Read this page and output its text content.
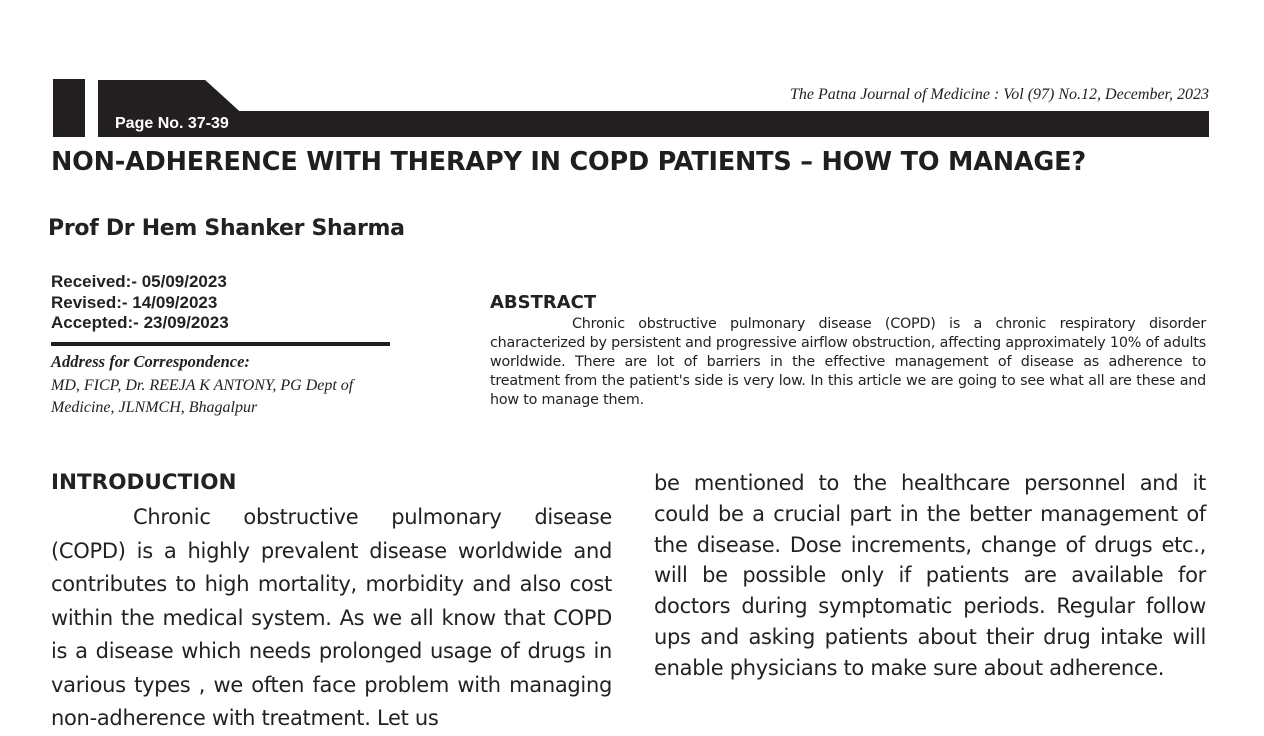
Page No. 37-39
The Patna Journal of Medicine : Vol (97) No.12, December, 2023
NON-ADHERENCE WITH THERAPY IN COPD PATIENTS – HOW TO MANAGE?
Prof Dr Hem Shanker Sharma
Received:- 05/09/2023
Revised:- 14/09/2023
Accepted:- 23/09/2023
Address for Correspondence:
MD, FICP, Dr. REEJA K ANTONY, PG Dept of Medicine, JLNMCH, Bhagalpur
ABSTRACT
Chronic obstructive pulmonary disease (COPD) is a chronic respiratory disorder characterized by persistent and progressive airflow obstruction, affecting approximately 10% of adults worldwide. There are lot of barriers in the effective management of disease as adherence to treatment from the patient's side is very low. In this article we are going to see what all are these and how to manage them.
INTRODUCTION
Chronic obstructive pulmonary disease (COPD) is a highly prevalent disease worldwide and contributes to high mortality, morbidity and also cost within the medical system. As we all know that COPD is a disease which needs prolonged usage of drugs in various types , we often face problem with managing non-adherence with treatment. Let us
be mentioned to the healthcare personnel and it could be a crucial part in the better management of the disease. Dose increments, change of drugs etc., will be possible only if patients are available for doctors during symptomatic periods. Regular follow ups and asking patients about their drug intake will enable physicians to make sure about adherence.
